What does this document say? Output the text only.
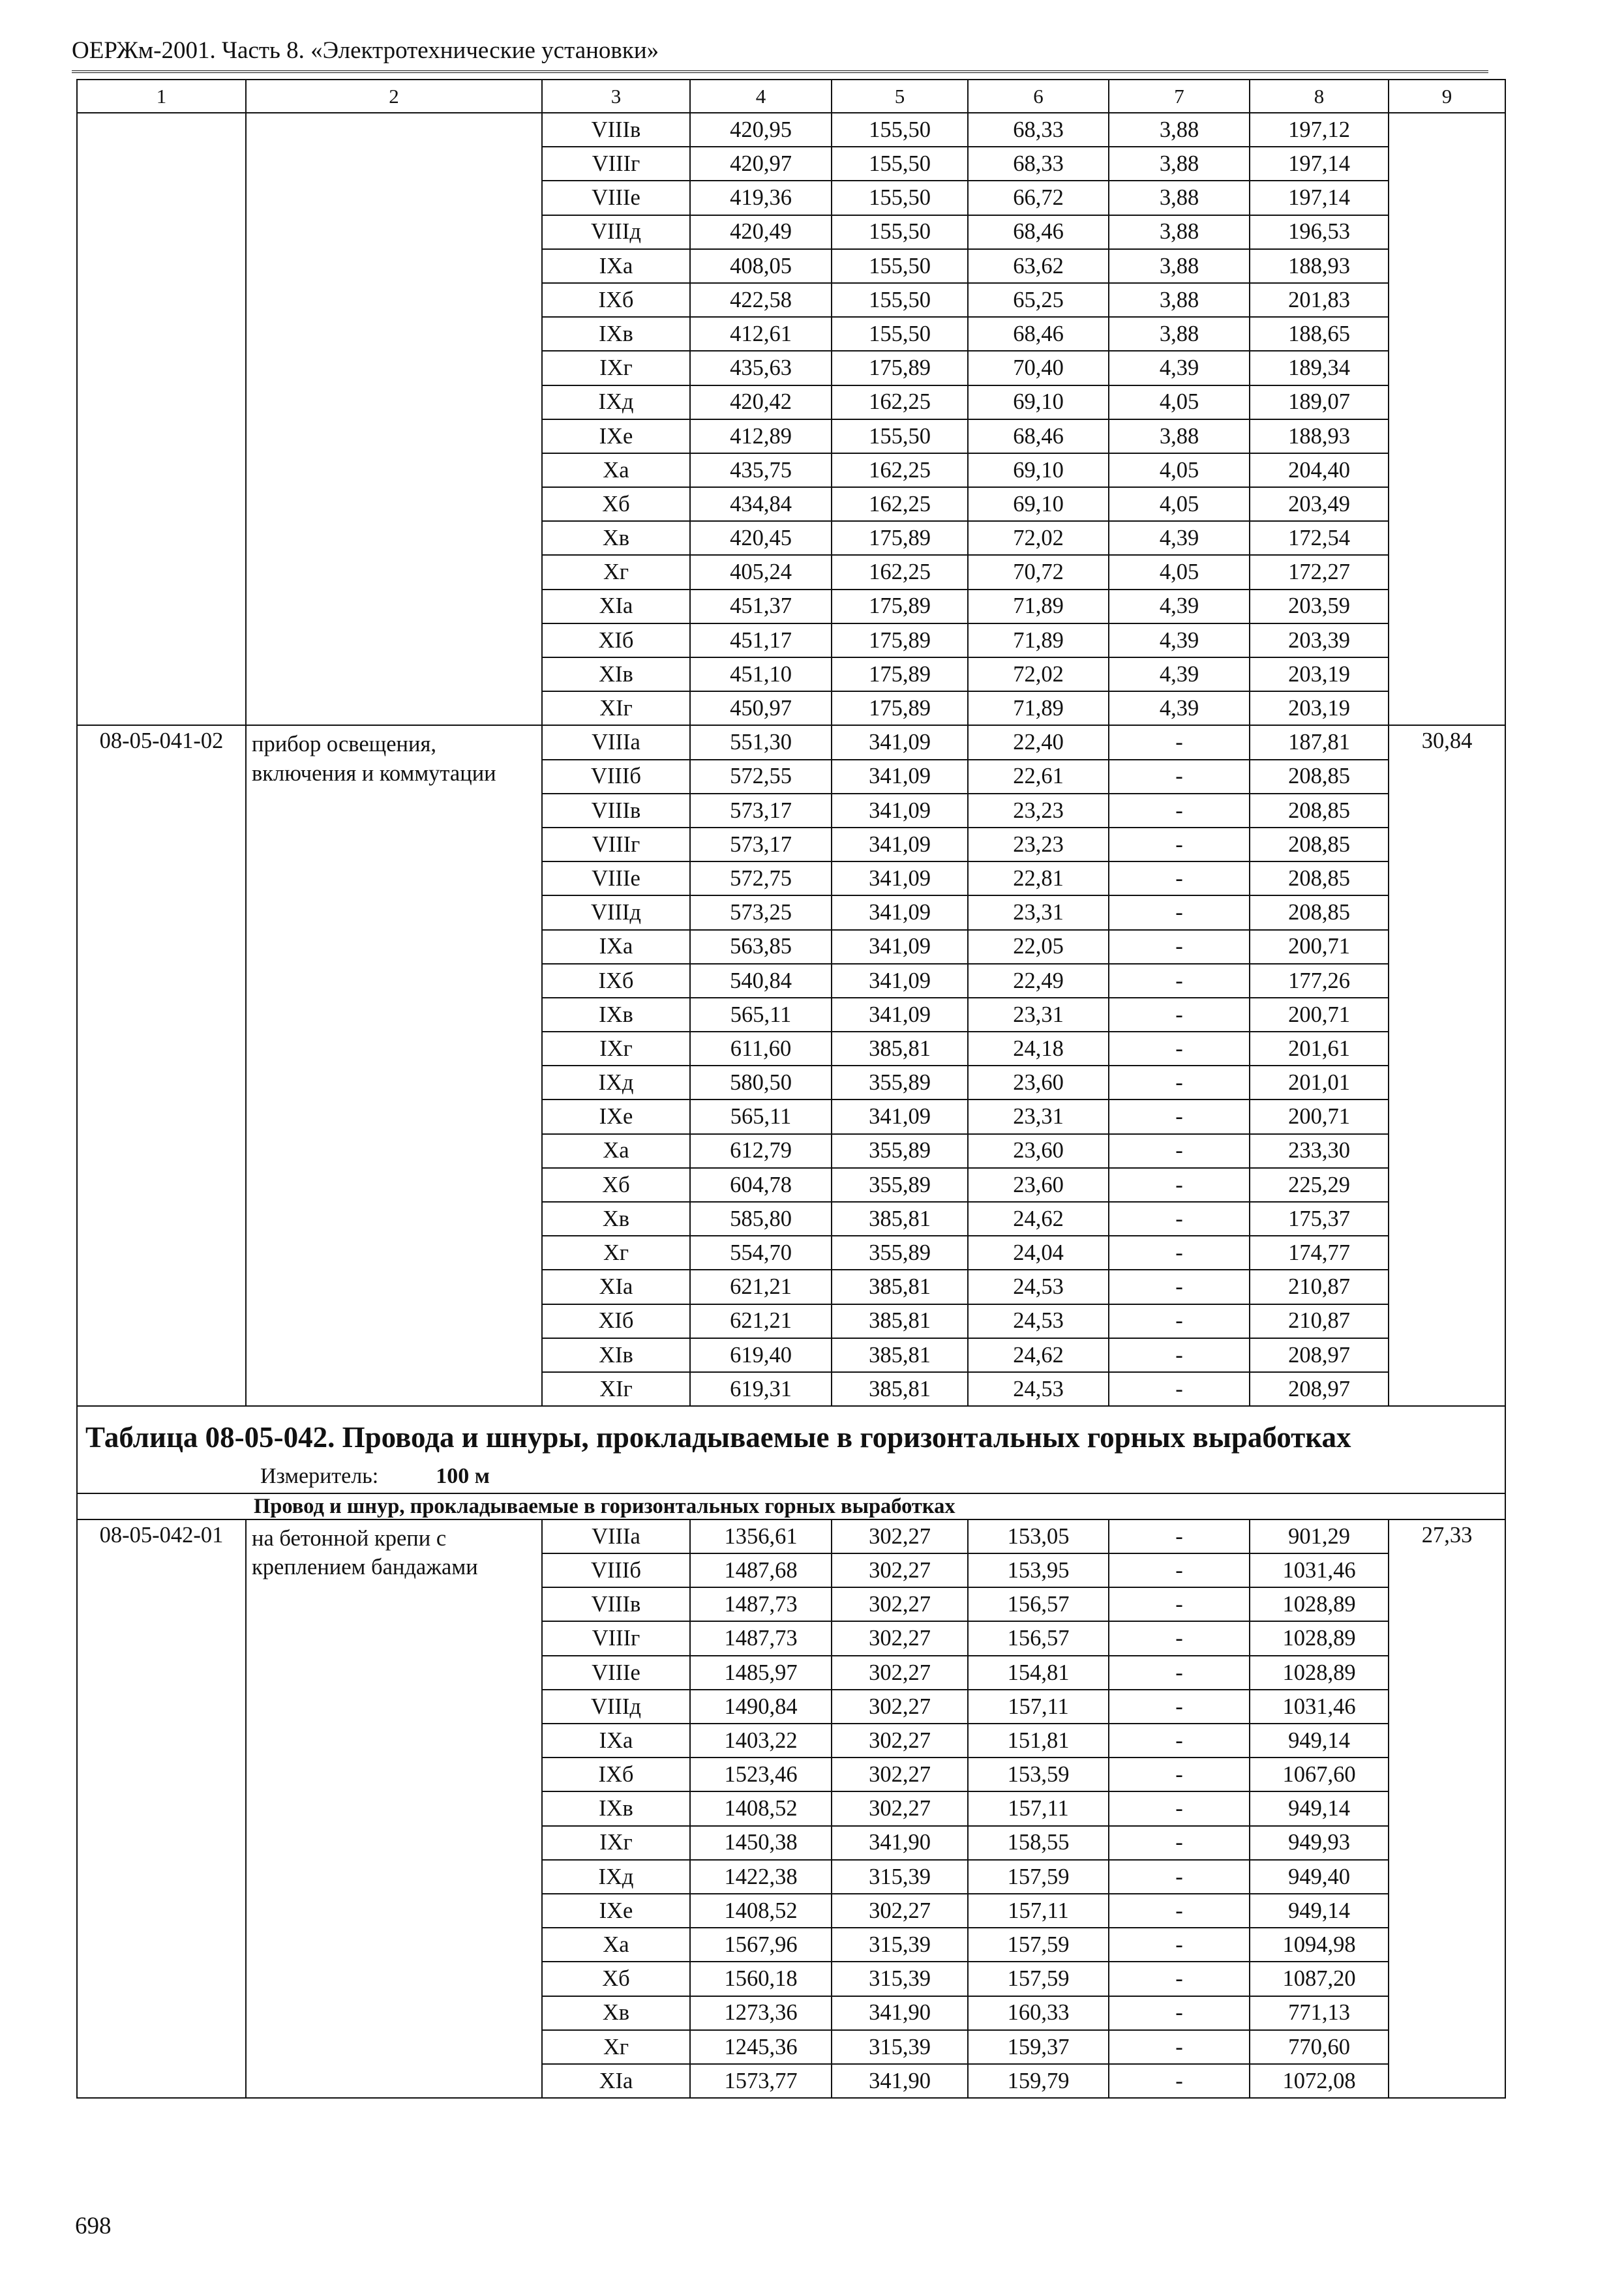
ОЕРЖм-2001. Часть 8. «Электротехнические установки»
1	2	3	4	5	6	7	8	9
		VIIIв	420,95	155,50	68,33	3,88	197,12	
		VIIIг	420,97	155,50	68,33	3,88	197,14	
		VIIIе	419,36	155,50	66,72	3,88	197,14	
		VIIIд	420,49	155,50	68,46	3,88	196,53	
		IXa	408,05	155,50	63,62	3,88	188,93	
		IXб	422,58	155,50	65,25	3,88	201,83	
		IXв	412,61	155,50	68,46	3,88	188,65	
		IXг	435,63	175,89	70,40	4,39	189,34	
		IXд	420,42	162,25	69,10	4,05	189,07	
		IXе	412,89	155,50	68,46	3,88	188,93	
		Xa	435,75	162,25	69,10	4,05	204,40	
		Xб	434,84	162,25	69,10	4,05	203,49	
		Xв	420,45	175,89	72,02	4,39	172,54	
		Xг	405,24	162,25	70,72	4,05	172,27	
		XIa	451,37	175,89	71,89	4,39	203,59	
		XIб	451,17	175,89	71,89	4,39	203,39	
		XIв	451,10	175,89	72,02	4,39	203,19	
		XIг	450,97	175,89	71,89	4,39	203,19	
08-05-041-02	прибор освещения, включения и коммутации	VIIIa	551,30	341,09	22,40	-	187,81	30,84
		VIIIб	572,55	341,09	22,61	-	208,85	
		VIIIв	573,17	341,09	23,23	-	208,85	
		VIIIг	573,17	341,09	23,23	-	208,85	
		VIIIе	572,75	341,09	22,81	-	208,85	
		VIIIд	573,25	341,09	23,31	-	208,85	
		IXa	563,85	341,09	22,05	-	200,71	
		IXб	540,84	341,09	22,49	-	177,26	
		IXв	565,11	341,09	23,31	-	200,71	
		IXг	611,60	385,81	24,18	-	201,61	
		IXд	580,50	355,89	23,60	-	201,01	
		IXе	565,11	341,09	23,31	-	200,71	
		Xa	612,79	355,89	23,60	-	233,30	
		Xб	604,78	355,89	23,60	-	225,29	
		Xв	585,80	385,81	24,62	-	175,37	
		Xг	554,70	355,89	24,04	-	174,77	
		XIa	621,21	385,81	24,53	-	210,87	
		XIб	621,21	385,81	24,53	-	210,87	
		XIв	619,40	385,81	24,62	-	208,97	
		XIг	619,31	385,81	24,53	-	208,97	

Таблица 08-05-042. Провода и шнуры, прокладываемые в горизонтальных горных выработках
Измеритель: 100 м								

Провод и шнур, прокладываемые в горизонтальных горных выработках								
08-05-042-01	на бетонной крепи с креплением бандажами	VIIIa	1356,61	302,27	153,05	-	901,29	27,33
		VIIIб	1487,68	302,27	153,95	-	1031,46	
		VIIIв	1487,73	302,27	156,57	-	1028,89	
		VIIIг	1487,73	302,27	156,57	-	1028,89	
		VIIIе	1485,97	302,27	154,81	-	1028,89	
		VIIIд	1490,84	302,27	157,11	-	1031,46	
		IXa	1403,22	302,27	151,81	-	949,14	
		IXб	1523,46	302,27	153,59	-	1067,60	
		IXв	1408,52	302,27	157,11	-	949,14	
		IXг	1450,38	341,90	158,55	-	949,93	
		IXд	1422,38	315,39	157,59	-	949,40	
		IXе	1408,52	302,27	157,11	-	949,14	
		Xa	1567,96	315,39	157,59	-	1094,98	
		Xб	1560,18	315,39	157,59	-	1087,20	
		Xв	1273,36	341,90	160,33	-	771,13	
		Xг	1245,36	315,39	159,37	-	770,60	
		XIa	1573,77	341,90	159,79	-	1072,08	
698
